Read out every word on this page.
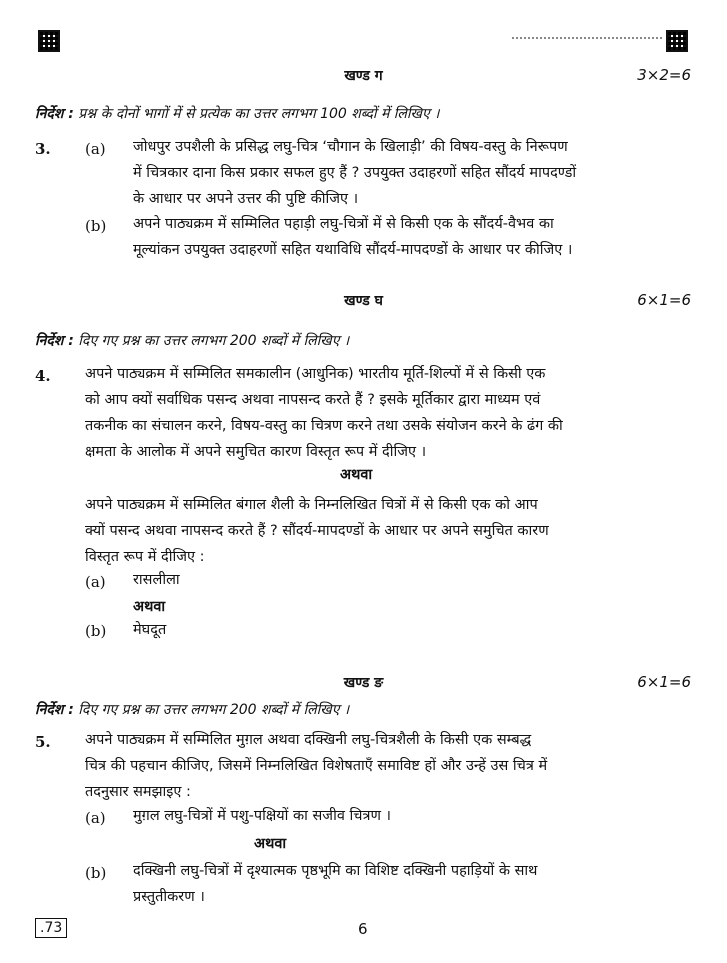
खण्ड ग	3×2=6
निर्देश : प्रश्न के दोनों भागों में से प्रत्येक का उत्तर लगभग 100 शब्दों में लिखिए ।
3. (a) जोधपुर उपशैली के प्रसिद्ध लघु-चित्र ‘चौगान के खिलाड़ी’ की विषय-वस्तु के निरूपण
में चित्रकार दाना किस प्रकार सफल हुए हैं ? उपयुक्त उदाहरणों सहित सौंदर्य मापदण्डों
के आधार पर अपने उत्तर की पुष्टि कीजिए ।
(b) अपने पाठ्यक्रम में सम्मिलित पहाड़ी लघु-चित्रों में से किसी एक के सौंदर्य-वैभव का
मूल्यांकन उपयुक्त उदाहरणों सहित यथाविधि सौंदर्य-मापदण्डों के आधार पर कीजिए ।
खण्ड घ	6×1=6
निर्देश : दिए गए प्रश्न का उत्तर लगभग 200 शब्दों में लिखिए ।
4. अपने पाठ्यक्रम में सम्मिलित समकालीन (आधुनिक) भारतीय मूर्ति-शिल्पों में से किसी एक
को आप क्यों सर्वाधिक पसन्द अथवा नापसन्द करते हैं ? इसके मूर्तिकार द्वारा माध्यम एवं
तकनीक का संचालन करने, विषय-वस्तु का चित्रण करने तथा उसके संयोजन करने के ढंग की
क्षमता के आलोक में अपने समुचित कारण विस्तृत रूप में दीजिए ।
अथवा
अपने पाठ्यक्रम में सम्मिलित बंगाल शैली के निम्नलिखित चित्रों में से किसी एक को आप
क्यों पसन्द अथवा नापसन्द करते हैं ? सौंदर्य-मापदण्डों के आधार पर अपने समुचित कारण
विस्तृत रूप में दीजिए :
(a) रासलीला
अथवा
(b) मेघदूत
खण्ड ङ	6×1=6
निर्देश : दिए गए प्रश्न का उत्तर लगभग 200 शब्दों में लिखिए ।
5. अपने पाठ्यक्रम में सम्मिलित मुग़ल अथवा दक्खिनी लघु-चित्रशैली के किसी एक सम्बद्ध
चित्र की पहचान कीजिए, जिसमें निम्नलिखित विशेषताएँ समाविष्ट हों और उन्हें उस चित्र में
तदनुसार समझाइए :
(a) मुग़ल लघु-चित्रों में पशु-पक्षियों का सजीव चित्रण ।
अथवा
(b) दक्खिनी लघु-चित्रों में दृश्यात्मक पृष्ठभूमि का विशिष्ट दक्खिनी पहाड़ियों के साथ
प्रस्तुतीकरण ।
.73	6
